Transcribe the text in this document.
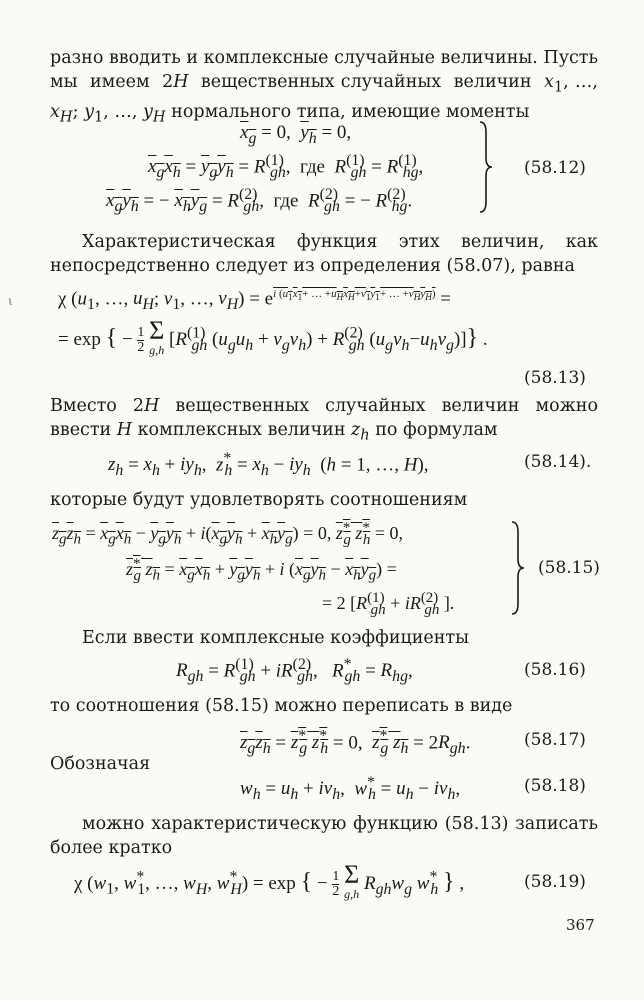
разно вводить и комплексные случайные величины. Пусть мы  имеем  2H  вещественных случайных  величин  $x_1$, …, $x_H$; $y_1$, …, $y_H$ нормального типа, имеющие моменты
$x_g = 0$,  $y_h = 0$,
$x_gx_h = y_gy_h = R^{(1)}_{gh}$,  где  $R^{(1)}_{gh} = R^{(1)}_{hg}$,
$x_gy_h$ = − $x_hy_g = R^{(2)}_{gh}$,  где  $R^{(2)}_{gh}$ = − $R^{(2)}_{hg}$.
(58.12)
Характеристическая функция этих величин, как непосредственно следует из определения (58.07), равна
ι χ ($u_1$, …, $u_H$; $v_1$, …, $v_H) = e^{i (u_1x_1+ \dots +u_Hx_H+v_1y_1+ \dots +v_Hy_H)}$ =
= exp { − 1
2
Σ
g,h [$R^{(1)}_{gh}$ $(u_gu_h + v_gv_h) + R^{(2)}_{gh}$ $(u_gv_h-u_hv_g)$]} .
(58.13)
Вместо 2H вещественных случайных величин можно ввести H комплексных величин $z_h$ по формулам
$z_h = x_h + iy_h$,  $z^*_h = x_h - iy_h$  (h = 1, …, H),	(58.14).
которые будут удовлетворять соотношениям
$z_gz_h = x_gx_h - y_gy_h + i(x_gy_h + x_hy_g) = 0$, $z^*_g$ $z^*_h = 0$,
$z^*_g$ $z_h = x_gx_h + y_gy_h + i$ $(x_gy_h - x_hy_g)$ =
= 2 [$R^{(1)}_{gh} + iR^{(2)}_{gh}$ ].
(58.15)
Если ввести комплексные коэффициенты
$R_{gh} = R^{(1)}_{gh} + iR^{(2)}_{gh}$,   $R^*_{gh} = R_{hg}$,	(58.16)
то соотношения (58.15) можно переписать в виде
$z_gz_h = z^*_g$ $z^*_h = 0$,  $z^*_g$ $z_h = 2R_{gh}$.	(58.17)
Обозначая
$w_h = u_h + iv_h$,  $w^*_h = u_h - iv_h$,	(58.18)
можно характеристическую функцию (58.13) записать более кратко
χ ($w_1$, $w^*_1$, …, $w_H$, $w^*_H) = \exp$ { − 1
2
Σ
g,h $R_{gh}w_g$ $w^*_h$ } ,	(58.19)
367
